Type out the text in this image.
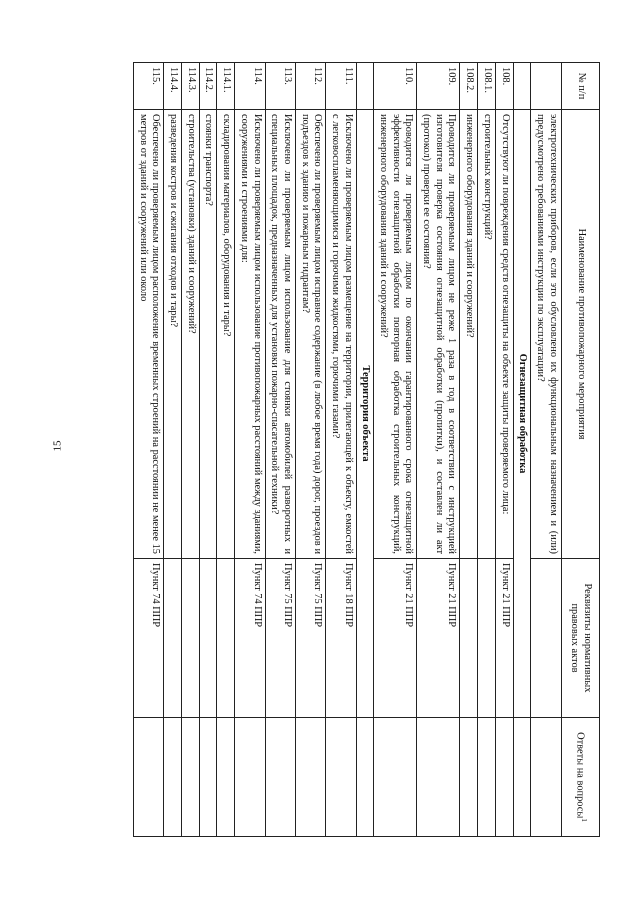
15
№ п/п	Наименование противопожарного мероприятия	Реквизиты нормативных правовых актов	Ответы на вопросы$^1$
	электротехнических приборов, если это обусловлено их функциональным назначением и (или) предусмотрено требованиями инструкции по эксплуатации?		
	Огнезащитная обработка		
108.	Отсутствуют ли повреждения средств огнезащиты на объекте защиты проверяемого лица:	Пункт 21 ППР	
108.1.	строительных конструкций?		
108.2.	инженерного оборудования зданий и сооружений?		
109.	Проводится ли проверяемым лицом не реже 1 раза в год в соответствии с инструкцией изготовителя проверка состояния огнезащитной обработки (пропитки), и составлен ли акт (протокол) проверки ее состояния?	Пункт 21 ППР	
110.	Проводится ли проверяемым лицом по окончании гарантированного срока огнезащитной эффективности огнезащитной обработки повторная обработка строительных конструкций, инженерного оборудования зданий и сооружений?	Пункт 21 ППР	
	Территория объекта		
111.	Исключено ли проверяемым лицом размещение на территории, прилегающей к объекту, емкостей с легковоспламеняющимися и горючими жидкостями, горючими газами?	Пункт 18 ППР	
112.	Обеспечено ли проверяемым лицом исправное содержание (в любое время года) дорог, проездов и подъездов к зданию и пожарным гидрантам?	Пункт 75 ППР	
113.	Исключено ли проверяемым лицом использование для стоянки автомобилей разворотных и специальных площадок, предназначенных для установки пожарно-спасательной техники?	Пункт 75 ППР	
114.	Исключено ли проверяемым лицом использование противопожарных расстояний между зданиями, сооружениями и строениями для:	Пункт 74 ППР	
114.1.	складирования материалов, оборудования и тары?		
114.2.	стоянки транспорта?		
114.3.	строительства (установки) зданий и сооружений?		
114.4.	разведения костров и сжигания отходов и тары?		
115.	Обеспечено ли проверяемым лицом расположение временных строений на расстоянии не менее 15 метров от зданий и сооружений или около	Пункт 74 ППР	
